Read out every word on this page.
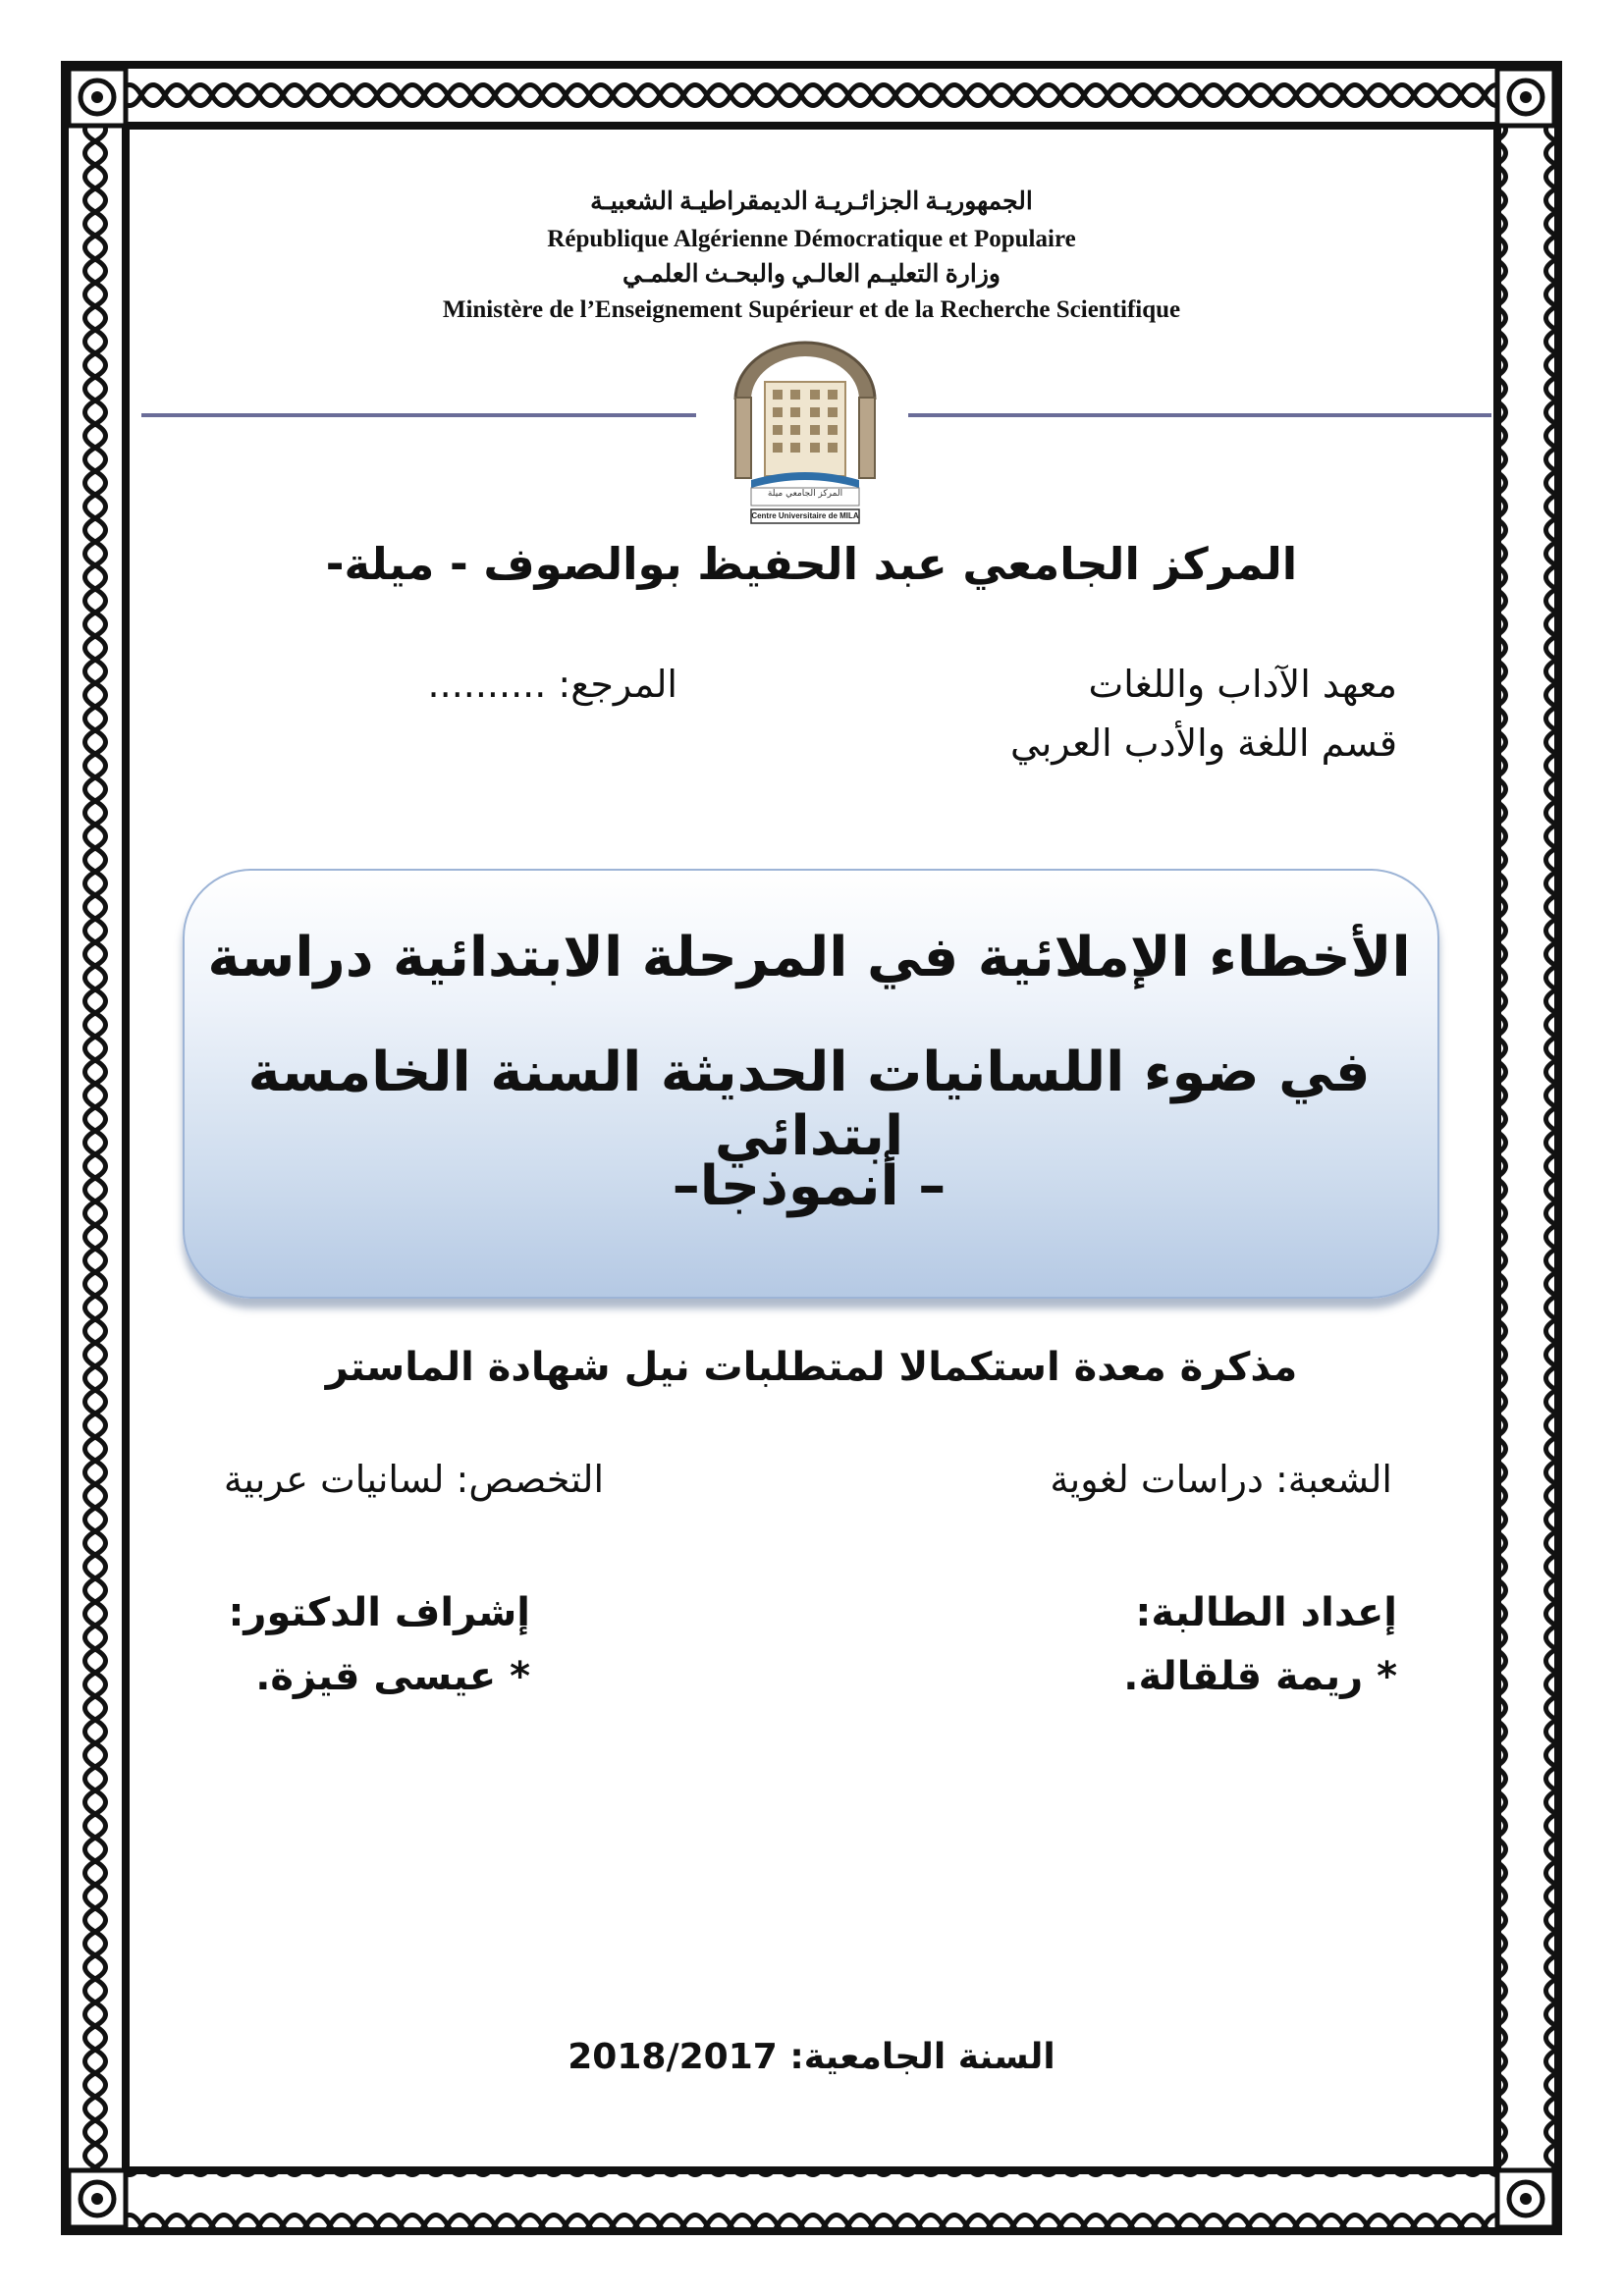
الجمهوريـة الجزائـريـة الديمقراطيـة الشعبيـة
République Algérienne Démocratique et Populaire
وزارة التعليـم العالـي والبحـث العلمـي
Ministère de l’Enseignement Supérieur et de la Recherche Scientifique
المركز الجامعي ميلة
Centre Universitaire de MILA
المركز الجامعي عبد الحفيظ بوالصوف - ميلة-
معهد الآداب واللغات
قسم اللغة والأدب العربي
المرجع: ..........
الأخطاء الإملائية في المرحلة الابتدائية دراسة
في ضوء اللسانيات الحديثة السنة الخامسة ابتدائي
– أنموذجا–
مذكرة معدة استكمالا لمتطلبات نيل شهادة الماستر
الشعبة: دراسات لغوية
التخصص: لسانيات عربية
إعداد الطالبة:
* ريمة قلقالة.
إشراف الدكتور:
* عيسى قيزة.
السنة الجامعية: 2018/2017
